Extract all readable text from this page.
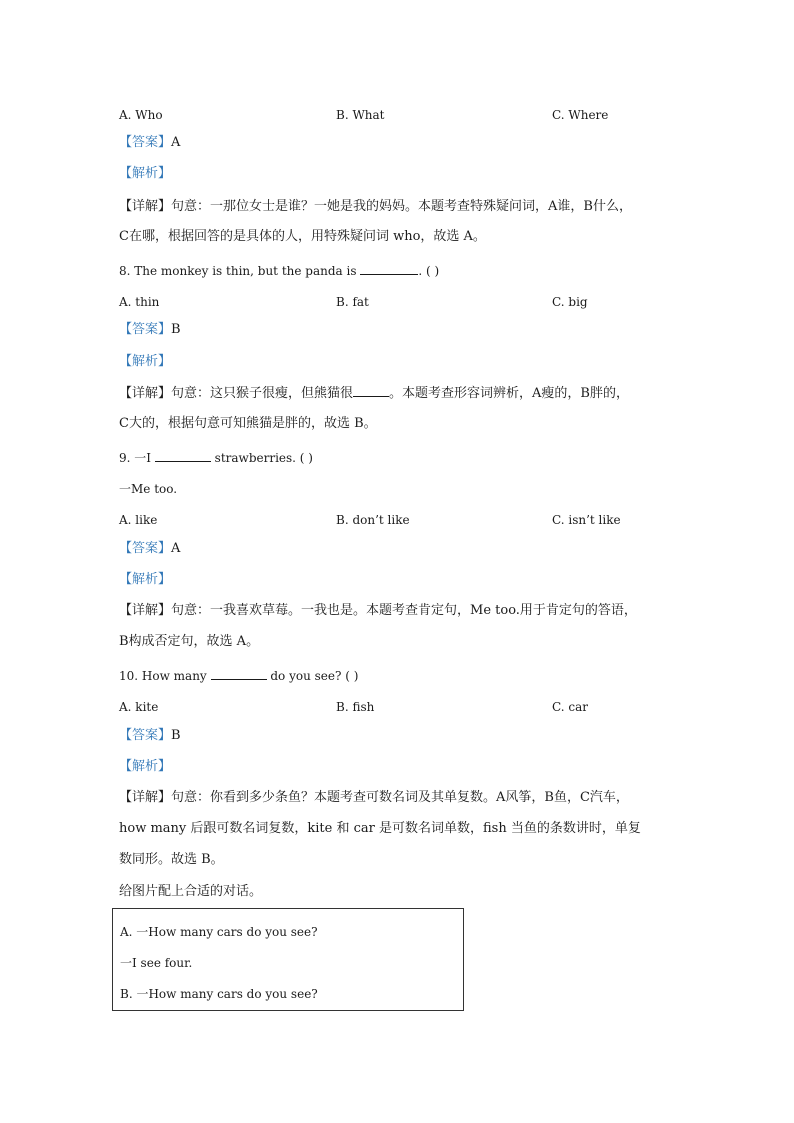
A. Who	B. What	C. Where
【答案】A
【解析】
【详解】句意：一那位女士是谁？一她是我的妈妈。本题考查特殊疑问词，A谁，B什么，
C在哪，根据回答的是具体的人，用特殊疑问词 who，故选 A。
8. The monkey is thin, but the panda is	. ( )
A. thin	B. fat	C. big
【答案】B
【解析】
【详解】句意：这只猴子很瘦，但熊猫很	。本题考查形容词辨析，A瘦的，B胖的，
C大的，根据句意可知熊猫是胖的，故选 B。
9. 一I	strawberries. ( )
一Me too.
A. like	B. don’t like	C. isn’t like
【答案】A
【解析】
【详解】句意：一我喜欢草莓。一我也是。本题考查肯定句，Me too.用于肯定句的答语，
B构成否定句，故选 A。
10. How many	do you see? ( )
A. kite	B. fish	C. car
【答案】B
【解析】
【详解】句意：你看到多少条鱼？本题考查可数名词及其单复数。A风筝，B鱼，C汽车，
how many 后跟可数名词复数，kite 和 car 是可数名词单数，fish 当鱼的条数讲时，单复
数同形。故选 B。
给图片配上合适的对话。
A. 一How many cars do you see?
一I see four.
B. 一How many cars do you see?
